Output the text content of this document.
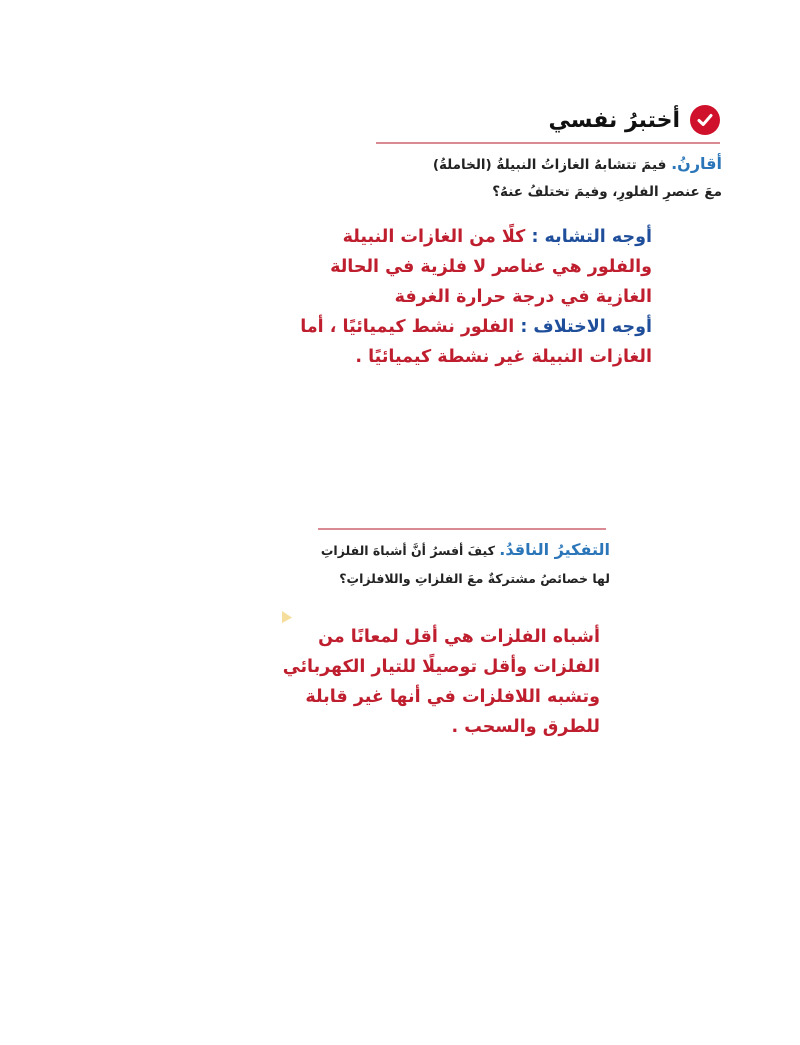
أختبرُ نفسي
أقارنُ. فيمَ تتشابهُ الغازاتُ النبيلةُ (الخاملةُ)
معَ عنصرِ الفلورِ، وفيمَ تختلفُ عنهُ؟
أوجه التشابه : كلًا من الغازات النبيلة والفلور هي عناصر لا فلزية في الحالة الغازية في درجة حرارة الغرفة
أوجه الاختلاف : الفلور نشط كيميائيًا ، أما الغازات النبيلة غير نشطة كيميائيًا .
التفكيرُ الناقدُ. كيفَ أفسرُ أنَّ أشباهَ الفلزاتِ
لها خصائصُ مشتركةٌ معَ الفلزاتِ واللافلزاتِ؟
أشباه الفلزات هي أقل لمعانًا من الفلزات وأقل توصيلًا للتيار الكهربائي وتشبه اللافلزات في أنها غير قابلة للطرق والسحب .
